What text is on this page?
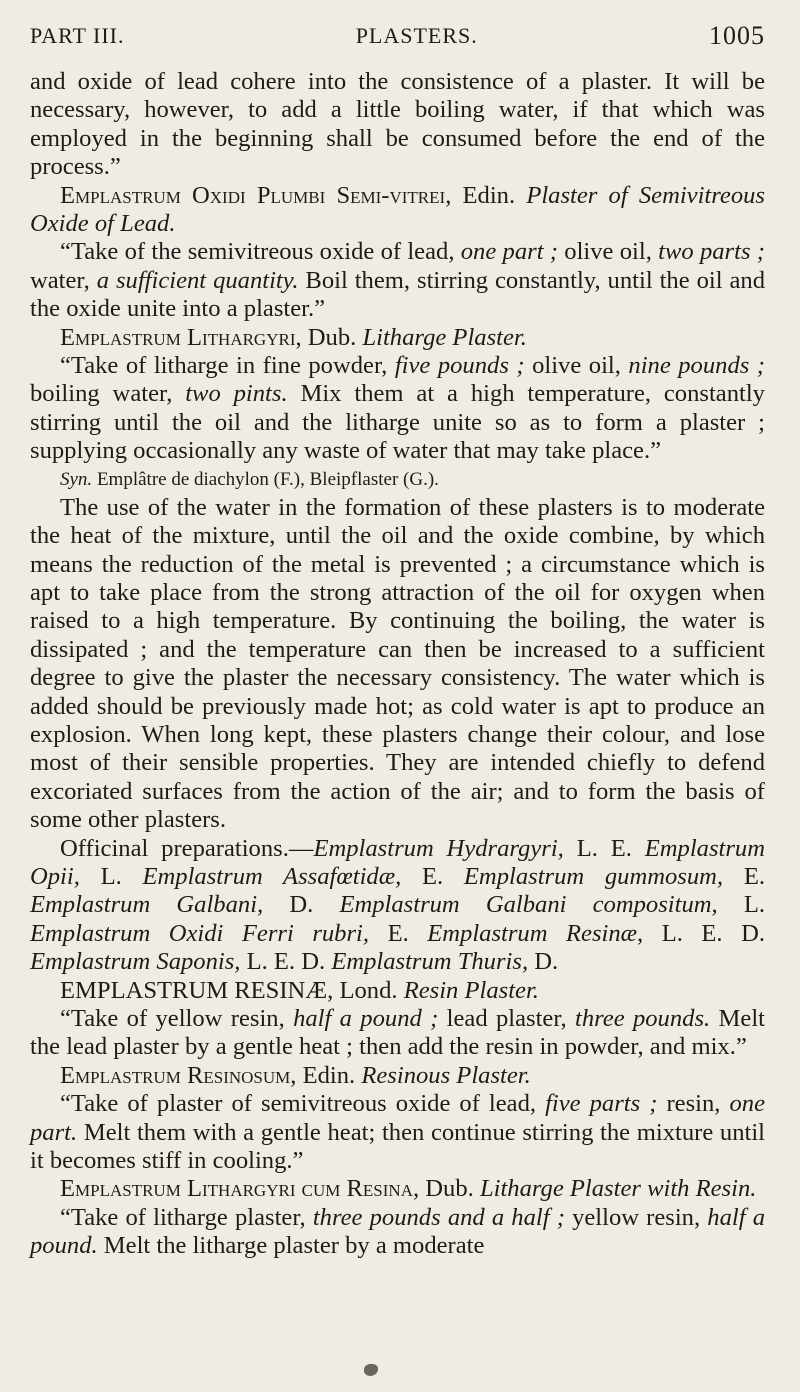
PART III.	PLASTERS.	1005

and oxide of lead cohere into the consistence of a plaster. It will be necessary, however, to add a little boiling water, if that which was employed in the beginning shall be consumed before the end of the process.”

Emplastrum Oxidi Plumbi Semi-vitrei, Edin. Plaster of Semivitreous Oxide of Lead.

“Take of the semivitreous oxide of lead, one part ; olive oil, two parts ; water, a sufficient quantity. Boil them, stirring constantly, until the oil and the oxide unite into a plaster.”

Emplastrum Lithargyri, Dub. Litharge Plaster.

“Take of litharge in fine powder, five pounds ; olive oil, nine pounds ; boiling water, two pints. Mix them at a high temperature, constantly stirring until the oil and the litharge unite so as to form a plaster ; supplying occasionally any waste of water that may take place.”

Syn. Emplâtre de diachylon (F.), Bleipflaster (G.).

The use of the water in the formation of these plasters is to moderate the heat of the mixture, until the oil and the oxide combine, by which means the reduction of the metal is prevented ; a circumstance which is apt to take place from the strong attraction of the oil for oxygen when raised to a high temperature. By continuing the boiling, the water is dissipated ; and the temperature can then be increased to a sufficient degree to give the plaster the necessary consistency. The water which is added should be previously made hot; as cold water is apt to produce an explosion. When long kept, these plasters change their colour, and lose most of their sensible properties. They are intended chiefly to defend excoriated surfaces from the action of the air; and to form the basis of some other plasters.

Officinal preparations.—Emplastrum Hydrargyri, L. E. Emplastrum Opii, L. Emplastrum Assafœtidæ, E. Emplastrum gummosum, E. Emplastrum Galbani, D. Emplastrum Galbani compositum, L. Emplastrum Oxidi Ferri rubri, E. Emplastrum Resinæ, L. E. D. Emplastrum Saponis, L. E. D. Emplastrum Thuris, D.

EMPLASTRUM RESINÆ, Lond. Resin Plaster.

“Take of yellow resin, half a pound ; lead plaster, three pounds. Melt the lead plaster by a gentle heat ; then add the resin in powder, and mix.”

Emplastrum Resinosum, Edin. Resinous Plaster.

“Take of plaster of semivitreous oxide of lead, five parts ; resin, one part. Melt them with a gentle heat; then continue stirring the mixture until it becomes stiff in cooling.”

Emplastrum Lithargyri cum Resina, Dub. Litharge Plaster with Resin.

“Take of litharge plaster, three pounds and a half ; yellow resin, half a pound. Melt the litharge plaster by a moderate
